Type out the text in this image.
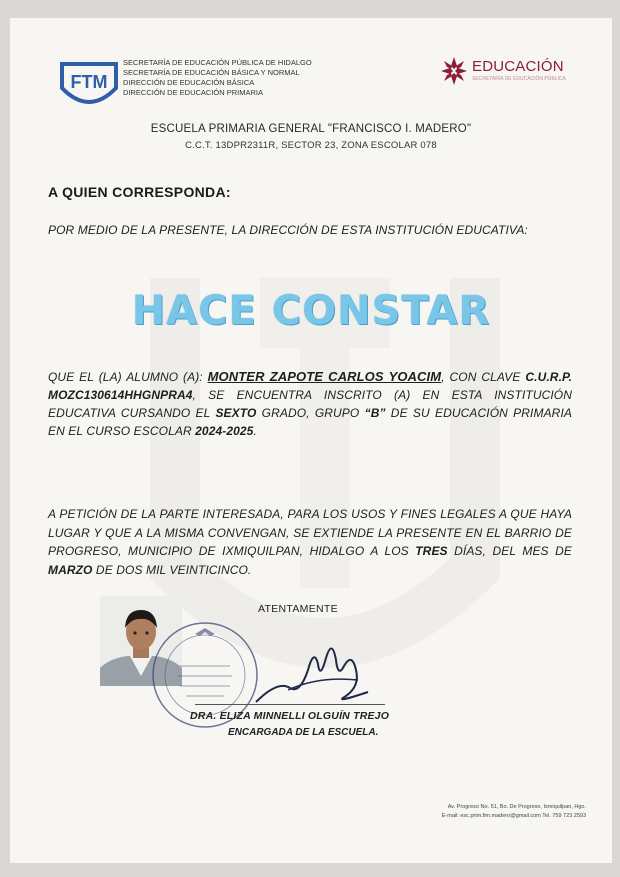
FTM
SECRETARÍA DE EDUCACIÓN PÚBLICA DE HIDALGO
SECRETARÍA DE EDUCACIÓN BÁSICA Y NORMAL
DIRECCIÓN DE EDUCACIÓN BÁSICA
DIRECCIÓN DE EDUCACIÓN PRIMARIA
EDUCACIÓN
SECRETARÍA DE EDUCACIÓN PÚBLICA
ESCUELA PRIMARIA GENERAL "FRANCISCO I. MADERO"
C.C.T. 13DPR2311R, SECTOR 23, ZONA ESCOLAR 078
A QUIEN CORRESPONDA:
POR MEDIO DE LA PRESENTE, LA DIRECCIÓN DE ESTA INSTITUCIÓN EDUCATIVA:
HACE CONSTAR
QUE EL (LA) ALUMNO (A): MONTER ZAPOTE CARLOS YOACIM, CON CLAVE C.U.R.P. MOZC130614HHGNPRA4, SE ENCUENTRA INSCRITO (A) EN ESTA INSTITUCIÓN EDUCATIVA CURSANDO EL SEXTO GRADO, GRUPO “B” DE SU EDUCACIÓN PRIMARIA EN EL CURSO ESCOLAR 2024-2025.
A PETICIÓN DE LA PARTE INTERESADA, PARA LOS USOS Y FINES LEGALES A QUE HAYA LUGAR Y QUE A LA MISMA CONVENGAN, SE EXTIENDE LA PRESENTE EN EL BARRIO DE PROGRESO, MUNICIPIO DE IXMIQUILPAN, HIDALGO A LOS TRES DÍAS, DEL MES DE MARZO DE DOS MIL VEINTICINCO.
ATENTAMENTE
DRA. ELIZA MINNELLI OLGUÍN TREJO
ENCARGADA DE LA ESCUELA.
Av. Progreso No. 51, Bo. De Progreso, Ixmiquilpan, Hgo.
E-mail: esc.prim.fim.madero@gmail.com Tel. 759 723 2593
